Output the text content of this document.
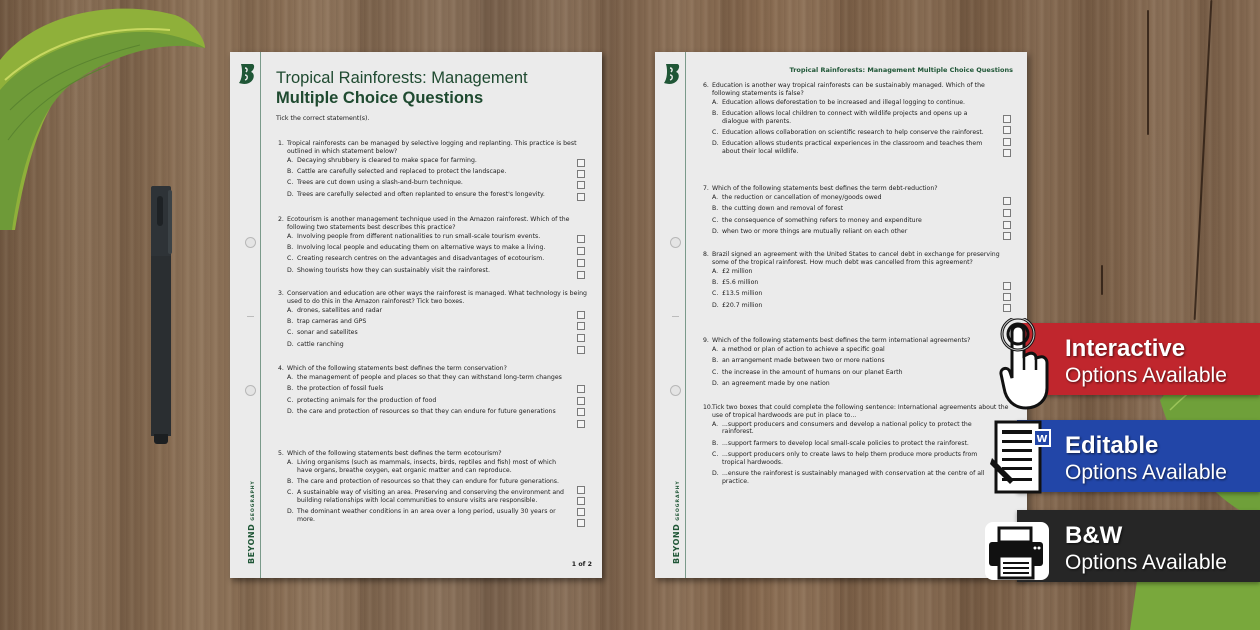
Tropical Rainforests: Management
Multiple Choice Questions
Tick the correct statement(s).
1. Tropical rainforests can be managed by selective logging and replanting. This practice is best outlined in which statement below?
A. Decaying shrubbery is cleared to make space for farming.
B. Cattle are carefully selected and replaced to protect the landscape.
C. Trees are cut down using a slash-and-burn technique.
D. Trees are carefully selected and often replanted to ensure the forest's longevity.
2. Ecotourism is another management technique used in the Amazon rainforest. Which of the following two statements best describes this practice?
A. Involving people from different nationalities to run small-scale tourism events.
B. Involving local people and educating them on alternative ways to make a living.
C. Creating research centres on the advantages and disadvantages of ecotourism.
D. Showing tourists how they can sustainably visit the rainforest.
3. Conservation and education are other ways the rainforest is managed. What technology is being used to do this in the Amazon rainforest? Tick two boxes.
A. drones, satellites and radar
B. trap cameras and GPS
C. sonar and satellites
D. cattle ranching
4. Which of the following statements best defines the term conservation?
A. the management of people and places so that they can withstand long-term changes
B. the protection of fossil fuels
C. protecting animals for the production of food
D. the care and protection of resources so that they can endure for future generations
5. Which of the following statements best defines the term ecotourism?
A. Living organisms (such as mammals, insects, birds, reptiles and fish) most of which have organs, breathe oxygen, eat organic matter and can reproduce.
B. The care and protection of resources so that they can endure for future generations.
C. A sustainable way of visiting an area. Preserving and conserving the environment and building relationships with local communities to ensure visits are responsible.
D. The dominant weather conditions in an area over a long period, usually 30 years or more.
BEYONDGEOGRAPHY
1 of 2
Tropical Rainforests: Management Multiple Choice Questions
6. Education is another way tropical rainforests can be sustainably managed. Which of the following statements is false?
A. Education allows deforestation to be increased and illegal logging to continue.
B. Education allows local children to connect with wildlife projects and opens up a dialogue with parents.
C. Education allows collaboration on scientific research to help conserve the rainforest.
D. Education allows students practical experiences in the classroom and teaches them about their local wildlife.
7. Which of the following statements best defines the term debt-reduction?
A. the reduction or cancellation of money/goods owed
B. the cutting down and removal of forest
C. the consequence of something refers to money and expenditure
D. when two or more things are mutually reliant on each other
8. Brazil signed an agreement with the United States to cancel debt in exchange for preserving some of the tropical rainforest. How much debt was cancelled from this agreement?
A. £2 million
B. £5.6 million
C. £13.5 million
D. £20.7 million
9. Which of the following statements best defines the term international agreements?
A. a method or plan of action to achieve a specific goal
B. an arrangement made between two or more nations
C. the increase in the amount of humans on our planet Earth
D. an agreement made by one nation
10. Tick two boxes that could complete the following sentence: International agreements about the use of tropical hardwoods are put in place to...
A. ...support producers and consumers and develop a national policy to protect the rainforest.
B. ...support farmers to develop local small-scale policies to protect the rainforest.
C. ...support producers only to create laws to help them produce more products from tropical hardwoods.
D. ...ensure the rainforest is sustainably managed with conservation at the centre of all practice.
BEYONDGEOGRAPHY
Interactive
Options Available
Editable
Options Available
W
B&W
Options Available
